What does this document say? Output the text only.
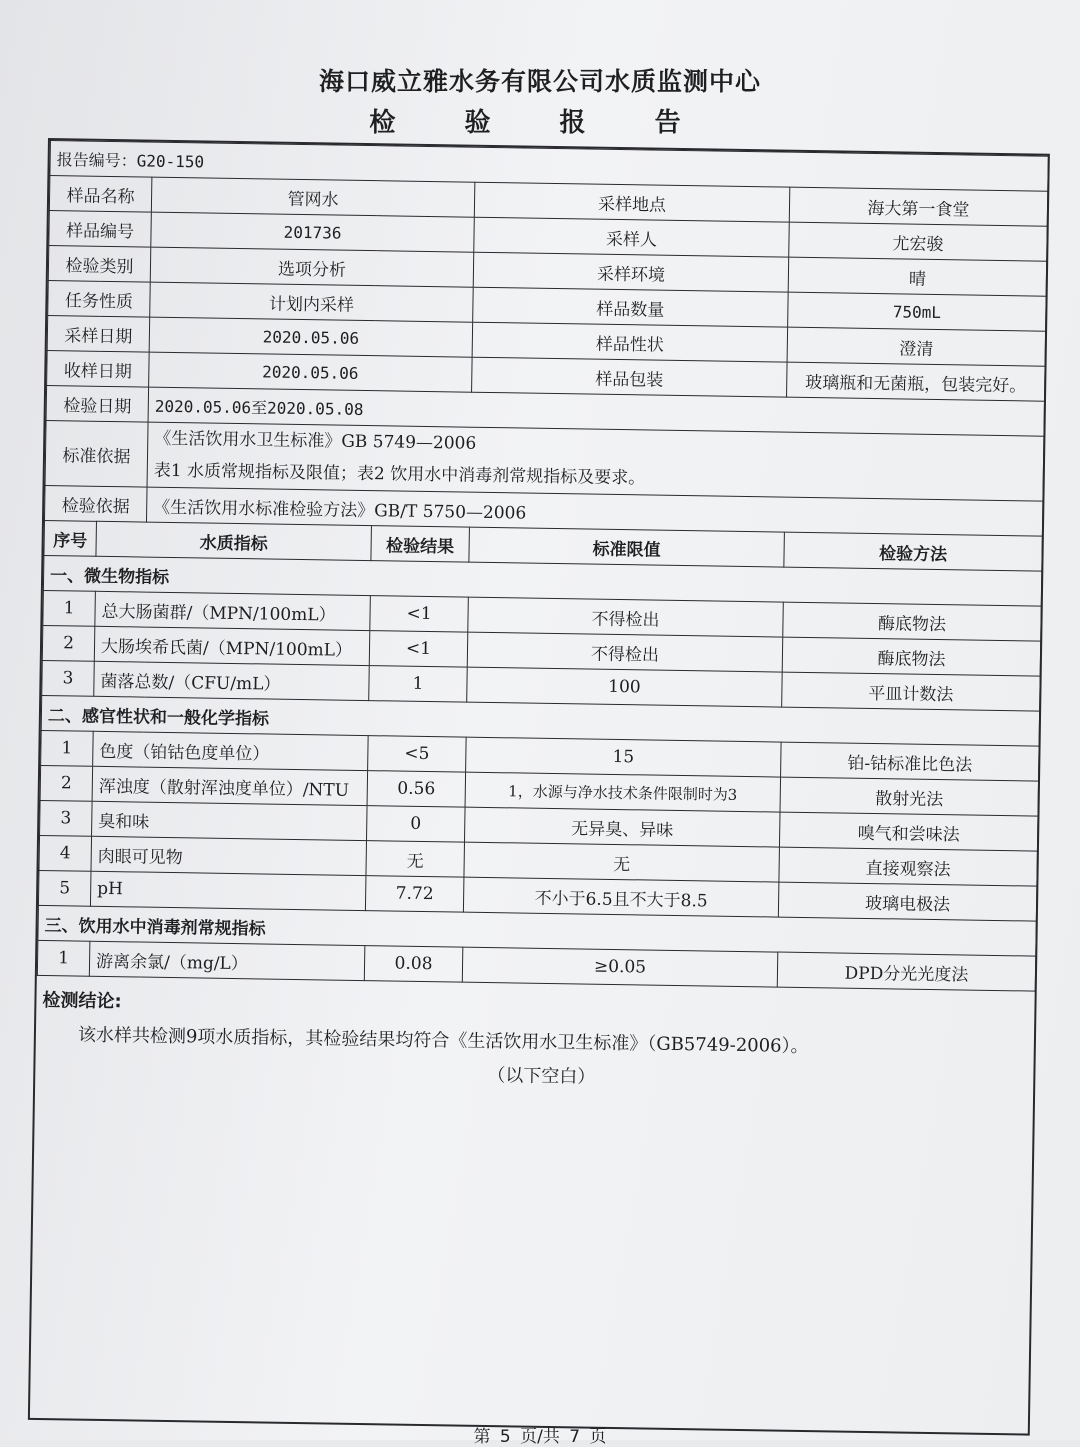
海口威立雅水务有限公司水质监测中心
检 验 报 告
报告编号：G20-150					
样品名称		管网水		采样地点	海大第一食堂
样品编号		201736		采样人	尤宏骏
检验类别		选项分析		采样环境	晴
任务性质		计划内采样		样品数量	750mL
采样日期		2020.05.06		样品性状	澄清
收样日期		2020.05.06		样品包装	玻璃瓶和无菌瓶，包装完好。
检验日期		2020.05.06至2020.05.08			
标准依据		《生活饮用水卫生标准》GB 5749—2006
表1 水质常规指标及限值；表2 饮用水中消毒剂常规指标及要求。			

检验依据		《生活饮用水标准检验方法》GB/T 5750—2006			
序号	水质指标		检验结果	标准限值	检验方法
一、微生物指标					
1	总大肠菌群/（MPN/100mL）		<1	不得检出	酶底物法
2	大肠埃希氏菌/（MPN/100mL）		<1	不得检出	酶底物法
3	菌落总数/（CFU/mL）		1	100	平皿计数法
二、感官性状和一般化学指标					
1	色度（铂钴色度单位）		<5	15	铂-钴标准比色法
2	浑浊度（散射浑浊度单位）/NTU		0.56	1，水源与净水技术条件限制时为3	散射光法
3	臭和味		0	无异臭、异味	嗅气和尝味法
4	肉眼可见物		无	无	直接观察法
5	pH		7.72	不小于6.5且不大于8.5	玻璃电极法
三、饮用水中消毒剂常规指标					
1	游离余氯/（mg/L）		0.08	≥0.05	DPD分光光度法
检测结论:
该水样共检测9项水质指标，其检验结果均符合《生活饮用水卫生标准》（GB5749-2006）。
（以下空白）
第 5 页/共 7 页
